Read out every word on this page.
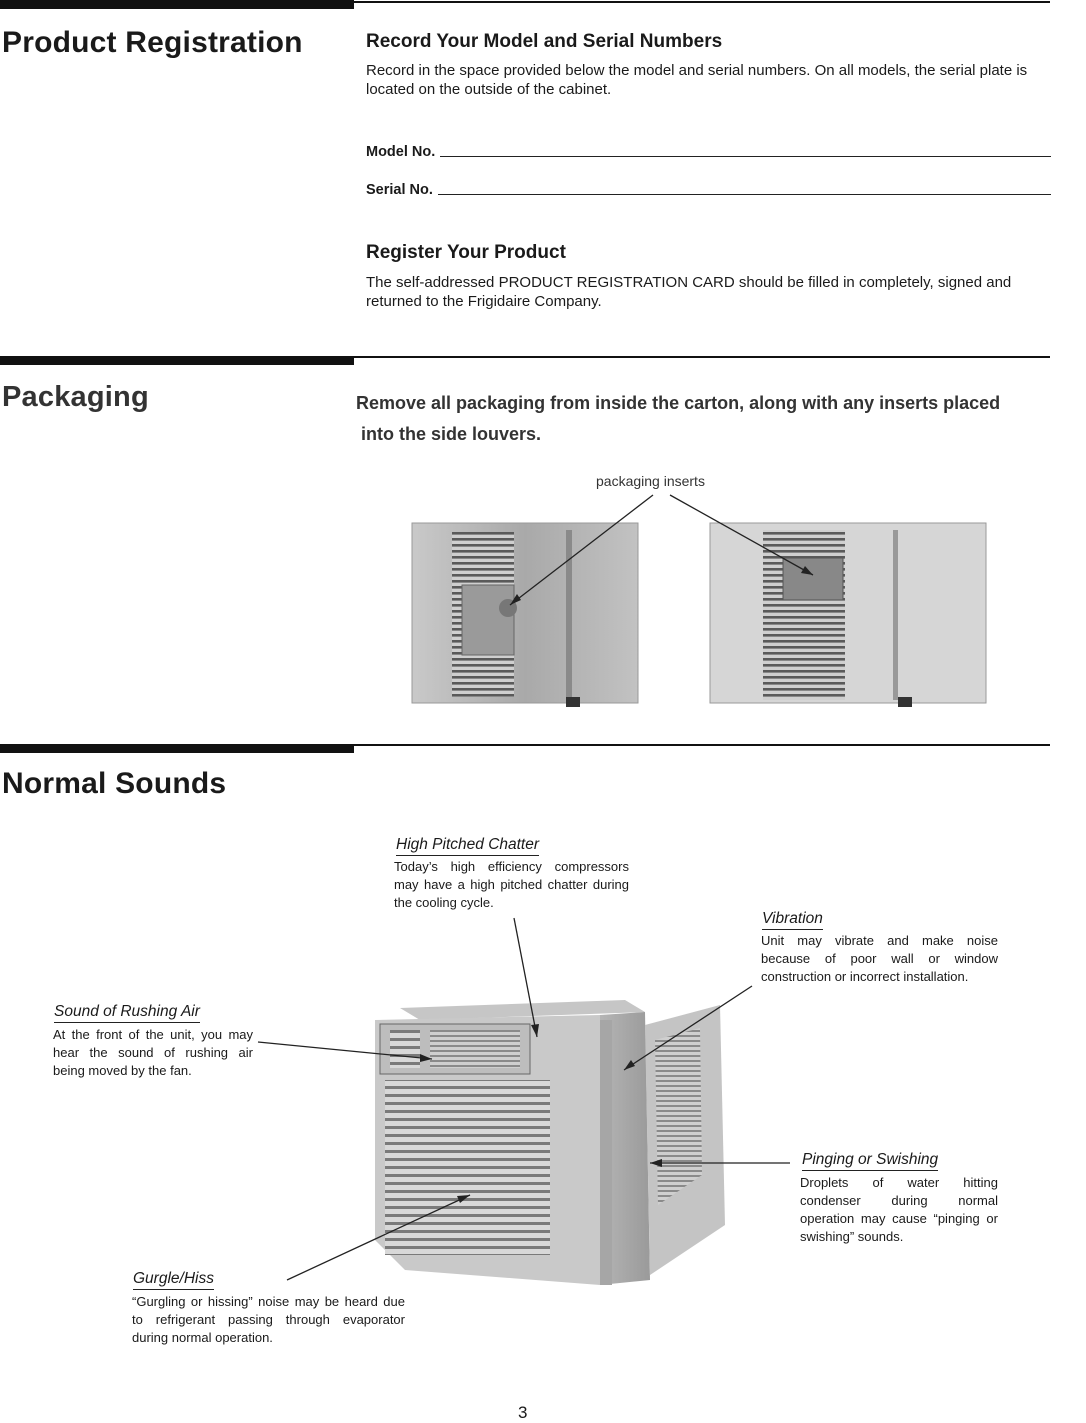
Product Registration	Record Your Model and Serial Numbers
Record in the space provided below the model and serial numbers. On all models, the serial plate is located on the outside of the cabinet.
Model No.
Serial No.
Register Your Product
The self-addressed PRODUCT REGISTRATION CARD should be filled in completely, signed and returned to the Frigidaire Company.
Packaging	Remove all packaging from inside the carton, along with any inserts placed
into the side louvers.
packaging inserts
Normal Sounds
High Pitched Chatter
Today’s high efficiency compressors may have a high pitched chatter during the cooling cycle.
Vibration
Unit may vibrate and make noise because of poor wall or window construction or incorrect installation.
Sound of Rushing Air
At the front of the unit, you may hear the sound of rushing air being moved by the fan.
Pinging or Swishing
Droplets of water hitting condenser during normal operation may cause “pinging or swishing” sounds.
Gurgle/Hiss
“Gurgling or hissing” noise may be heard due to refrigerant passing through evaporator during normal operation.
3
